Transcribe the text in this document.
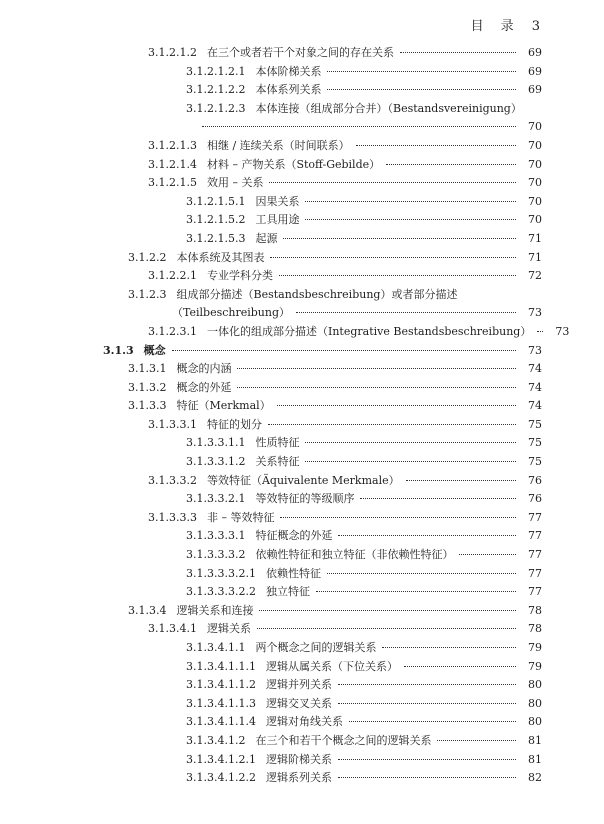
目　录 3
3.1.2.1.2 在三个或者若干个对象之间的存在关系	69
3.1.2.1.2.1 本体阶梯关系	69
3.1.2.1.2.2 本体系列关系	69
3.1.2.1.2.3 本体连接（组成部分合并）（Bestandsvereinigung）
70
3.1.2.1.3 相继 / 连续关系（时间联系）	70
3.1.2.1.4 材料 – 产物关系（Stoff-Gebilde）	70
3.1.2.1.5 效用 – 关系	70
3.1.2.1.5.1 因果关系	70
3.1.2.1.5.2 工具用途	70
3.1.2.1.5.3 起源	71
3.1.2.2 本体系统及其图表	71
3.1.2.2.1 专业学科分类	72
3.1.2.3 组成部分描述（Bestandsbeschreibung）或者部分描述
（Teilbeschreibung）	73
3.1.2.3.1 一体化的组成部分描述（Integrative Bestandsbeschreibung）	73
3.1.3 概念	73
3.1.3.1 概念的内涵	74
3.1.3.2 概念的外延	74
3.1.3.3 特征（Merkmal）	74
3.1.3.3.1 特征的划分	75
3.1.3.3.1.1 性质特征	75
3.1.3.3.1.2 关系特征	75
3.1.3.3.2 等效特征（Äquivalente Merkmale）	76
3.1.3.3.2.1 等效特征的等级顺序	76
3.1.3.3.3 非 – 等效特征	77
3.1.3.3.3.1 特征概念的外延	77
3.1.3.3.3.2 依赖性特征和独立特征（非依赖性特征）	77
3.1.3.3.3.2.1 依赖性特征	77
3.1.3.3.3.2.2 独立特征	77
3.1.3.4 逻辑关系和连接	78
3.1.3.4.1 逻辑关系	78
3.1.3.4.1.1 两个概念之间的逻辑关系	79
3.1.3.4.1.1.1 逻辑从属关系（下位关系）	79
3.1.3.4.1.1.2 逻辑并列关系	80
3.1.3.4.1.1.3 逻辑交叉关系	80
3.1.3.4.1.1.4 逻辑对角线关系	80
3.1.3.4.1.2 在三个和若干个概念之间的逻辑关系	81
3.1.3.4.1.2.1 逻辑阶梯关系	81
3.1.3.4.1.2.2 逻辑系列关系	82
